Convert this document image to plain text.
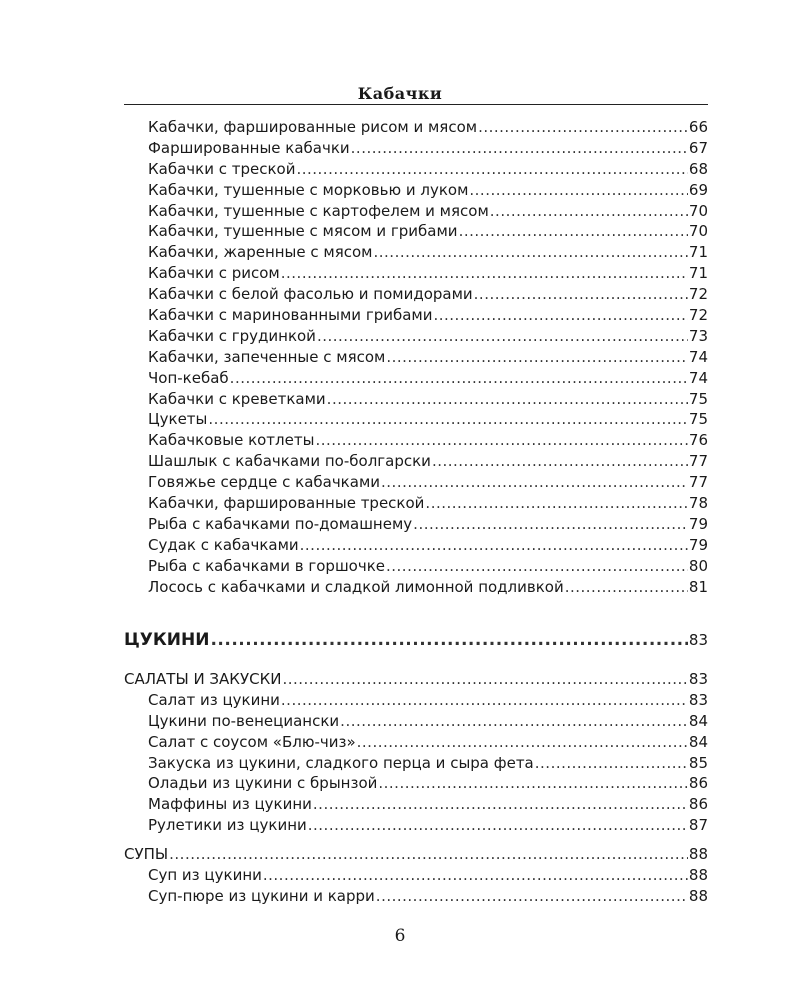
Кабачки
Кабачки, фаршированные рисом и мясом .....	66
Фаршированные кабачки .....	67
Кабачки с треской .....	68
Кабачки, тушенные с морковью и луком .....	69
Кабачки, тушенные с картофелем и мясом .....	70
Кабачки, тушенные с мясом и грибами .....	70
Кабачки, жаренные с мясом .....	71
Кабачки с рисом .....	71
Кабачки с белой фасолью и помидорами .....	72
Кабачки с маринованными грибами .....	72
Кабачки с грудинкой .....	73
Кабачки, запеченные с мясом .....	74
Чоп-кебаб .....	74
Кабачки с креветками .....	75
Цукеты .....	75
Кабачковые котлеты .....	76
Шашлык с кабачками по-болгарски .....	77
Говяжье сердце с кабачками .....	77
Кабачки, фаршированные треской .....	78
Рыба с кабачками по-домашнему .....	79
Судак с кабачками .....	79
Рыба с кабачками в горшочке .....	80
Лосось с кабачками и сладкой лимонной подливкой .....	81
ЦУКИНИ .....	83
САЛАТЫ И ЗАКУСКИ .....	83
Салат из цукини .....	83
Цукини по-венециански .....	84
Салат с соусом «Блю-чиз» .....	84
Закуска из цукини, сладкого перца и сыра фета .....	85
Оладьи из цукини с брынзой .....	86
Маффины из цукини .....	86
Рулетики из цукини .....	87
СУПЫ .....	88
Суп из цукини .....	88
Суп-пюре из цукини и карри .....	88
6
